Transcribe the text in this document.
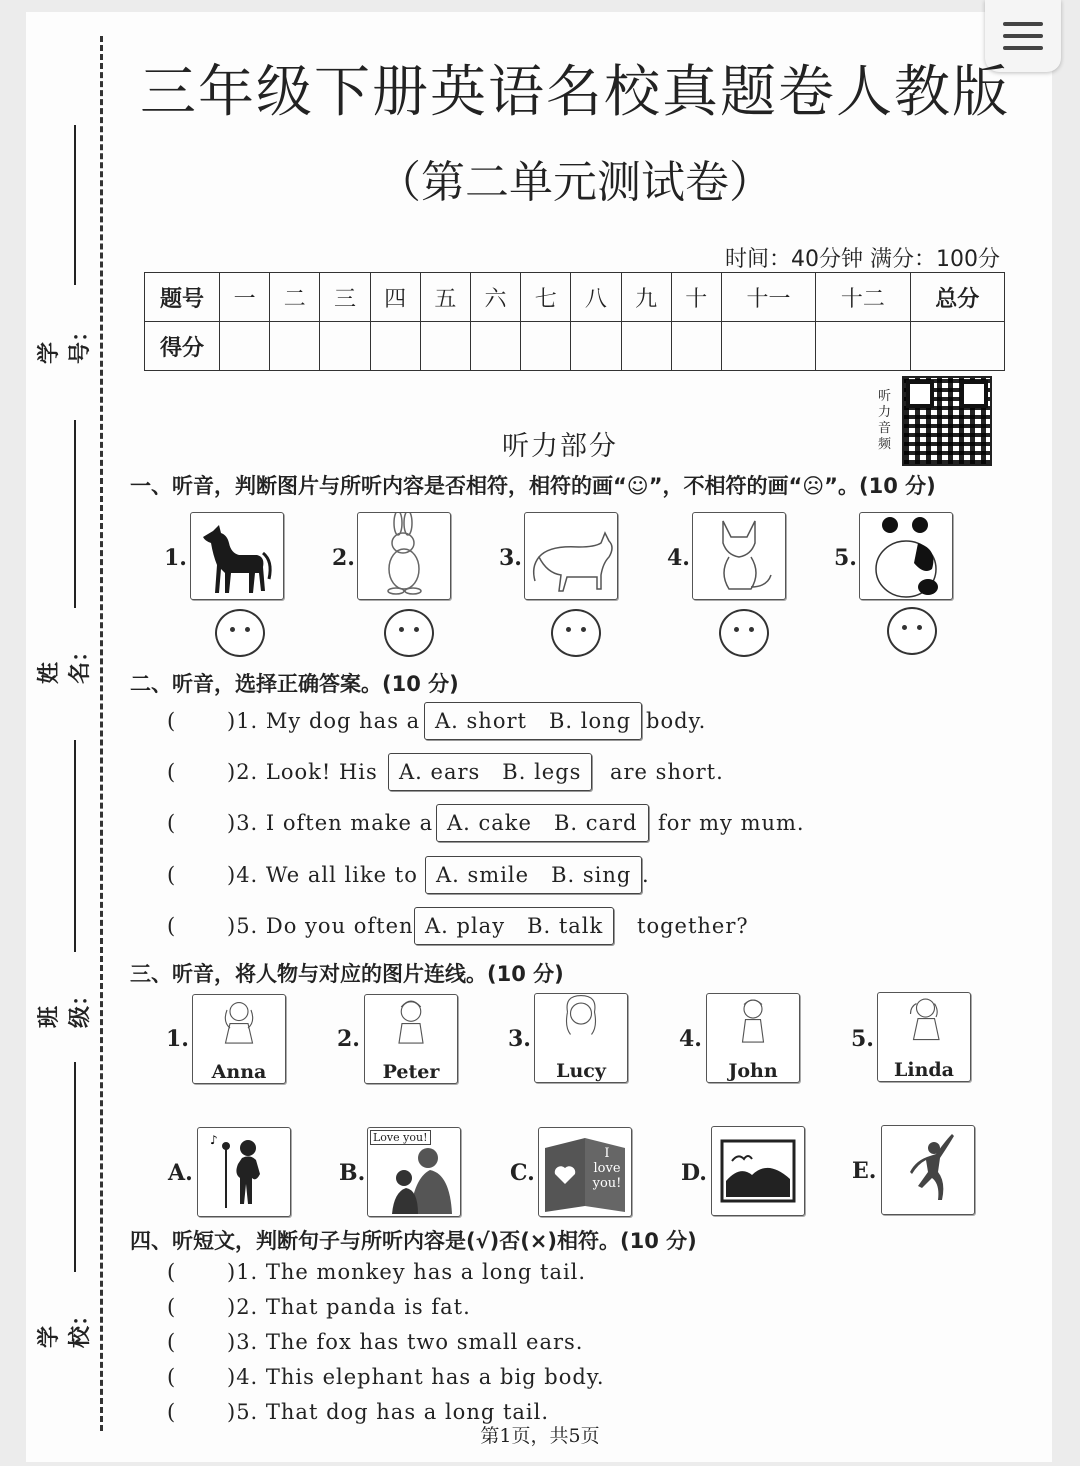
学号：
姓名：
班级：
学校：
三年级下册英语名校真题卷人教版
（第二单元测试卷）
时间：40分钟 满分：100分
题号	一	二	三	四	五	六	七	八	九	十	十一	十二	总分
得分													
听力音频
听力部分
一、听音，判断图片与所听内容是否相符，相符的画“☺”，不相符的画“☹”。(10 分)
1.	2.	3.	4.	5.
二、听音，选择正确答案。(10 分)
( )1. My dog has a A. short B. long body.
( )2. Look! His	A. ears B. legs	are short.
( )3. I often make a A. cake B. card for my mum.
( )4. We all like to A. smile B. sing .
( )5. Do you often A. play B. talk	together?
三、听音，将人物与对应的图片连线。(10 分)
1.
Anna
2.
Peter
3.
Lucy
4.
John
5.
Linda
A.
♪
B.
Love you!
C.
I
love
you!	D.	E.
四、听短文，判断句子与所听内容是(√)否(×)相符。(10 分)
( )1. The monkey has a long tail.
( )2. That panda is fat.
( )3. The fox has two small ears.
( )4. This elephant has a big body.
( )5. That dog has a long tail.
第1页，共5页
